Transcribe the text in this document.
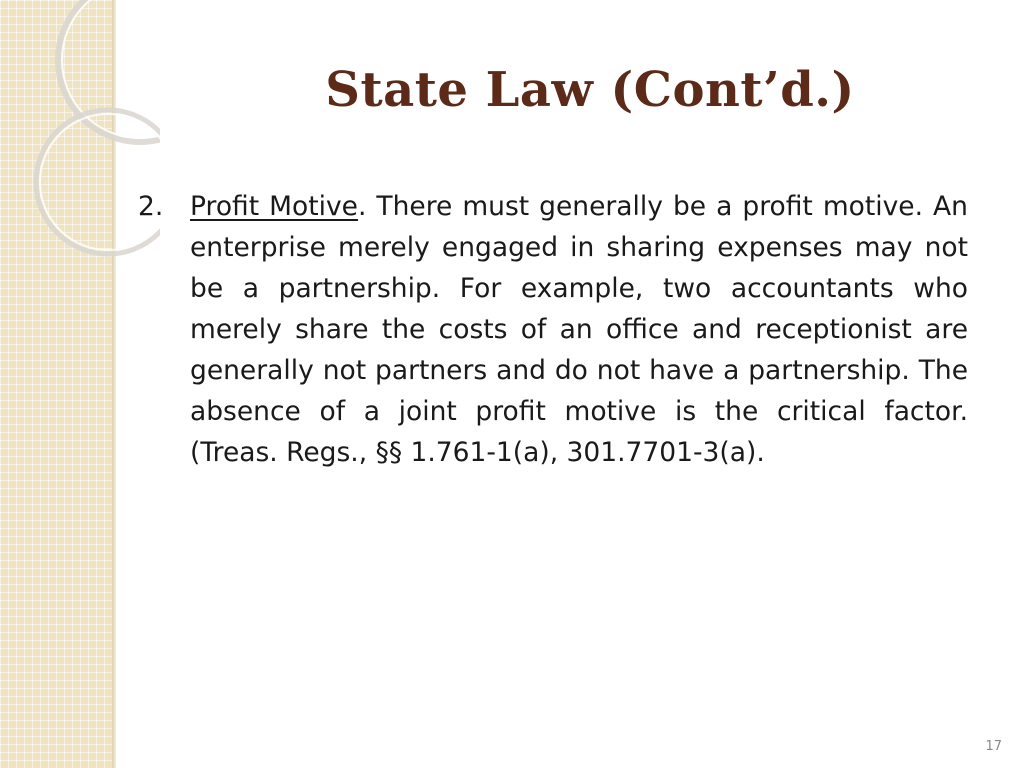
State Law (Cont’d.)
2.	Profit Motive. There must generally be a profit motive. An enterprise merely engaged in sharing expenses may not be a partnership. For example, two accountants who merely share the costs of an office and receptionist are generally not partners and do not have a partnership. The absence of a joint profit motive is the critical factor. (Treas. Regs., §§ 1.761-1(a), 301.7701-3(a).
17
